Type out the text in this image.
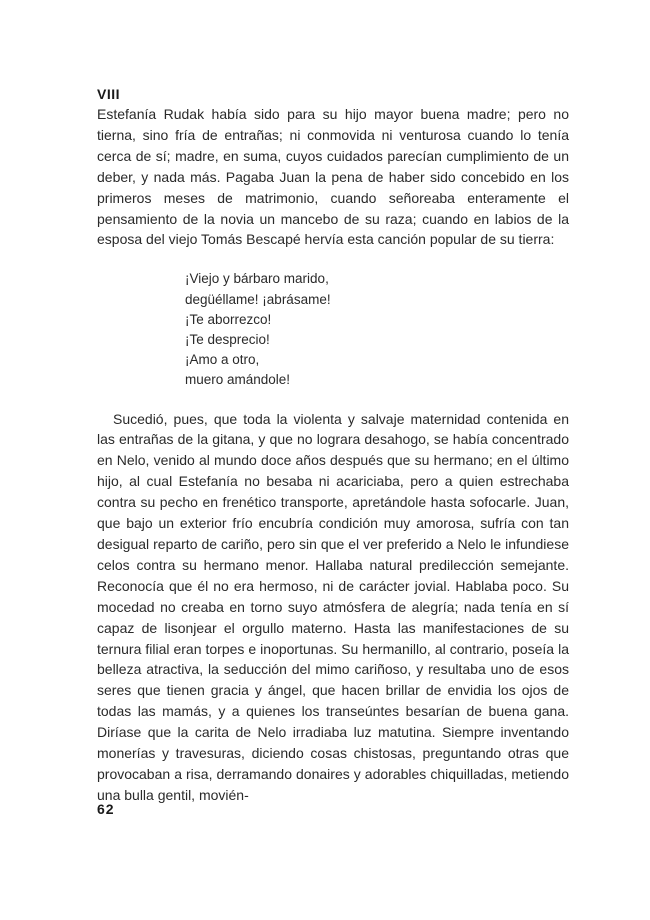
VIII

Estefanía Rudak había sido para su hijo mayor buena madre; pero no tierna, sino fría de entrañas; ni conmovida ni venturosa cuando lo tenía cerca de sí; madre, en suma, cuyos cuidados parecían cumplimiento de un deber, y nada más. Pagaba Juan la pena de haber sido concebido en los primeros meses de matrimonio, cuando señoreaba enteramente el pensamiento de la novia un mancebo de su raza; cuando en labios de la esposa del viejo Tomás Bescapé hervía esta canción popular de su tierra:

¡Viejo y bárbaro marido,
degüéllame! ¡abrásame!
¡Te aborrezco!
¡Te desprecio!
¡Amo a otro,
muero amándole!

Sucedió, pues, que toda la violenta y salvaje maternidad contenida en las entrañas de la gitana, y que no lograra desahogo, se había concentrado en Nelo, venido al mundo doce años después que su hermano; en el último hijo, al cual Estefanía no besaba ni acariciaba, pero a quien estrechaba contra su pecho en frenético transporte, apretándole hasta sofocarle. Juan, que bajo un exterior frío encubría condición muy amorosa, sufría con tan desigual reparto de cariño, pero sin que el ver preferido a Nelo le infundiese celos contra su hermano menor. Hallaba natural predilección semejante. Reconocía que él no era hermoso, ni de carácter jovial. Hablaba poco. Su mocedad no creaba en torno suyo atmósfera de alegría; nada tenía en sí capaz de lisonjear el orgullo materno. Hasta las manifestaciones de su ternura filial eran torpes e inoportunas. Su hermanillo, al contrario, poseía la belleza atractiva, la seducción del mimo cariñoso, y resultaba uno de esos seres que tienen gracia y ángel, que hacen brillar de envidia los ojos de todas las mamás, y a quienes los transeúntes besarían de buena gana. Diríase que la carita de Nelo irradiaba luz matutina. Siempre inventando monerías y travesuras, diciendo cosas chistosas, preguntando otras que provocaban a risa, derramando donaires y adorables chiquilladas, metiendo una bulla gentil, movién-

62
